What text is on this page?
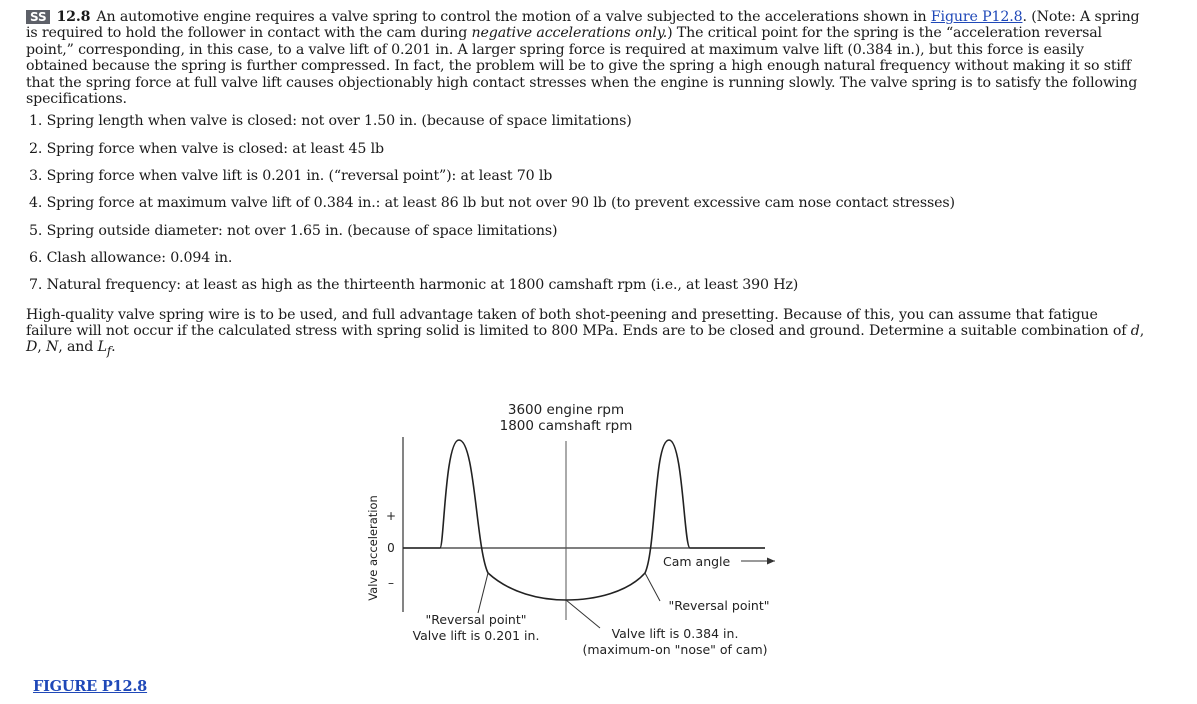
SS 12.8 An automotive engine requires a valve spring to control the motion of a valve subjected to the accelerations shown in Figure P12.8. (Note: A spring is required to hold the follower in contact with the cam during negative accelerations only.) The critical point for the spring is the “acceleration reversal point,” corresponding, in this case, to a valve lift of 0.201 in. A larger spring force is required at maximum valve lift (0.384 in.), but this force is easily obtained because the spring is further compressed. In fact, the problem will be to give the spring a high enough natural frequency without making it so stiff that the spring force at full valve lift causes objectionably high contact stresses when the engine is running slowly. The valve spring is to satisfy the following specifications.
1. Spring length when valve is closed: not over 1.50 in. (because of space limitations)
2. Spring force when valve is closed: at least 45 lb
3. Spring force when valve lift is 0.201 in. (“reversal point”): at least 70 lb
4. Spring force at maximum valve lift of 0.384 in.: at least 86 lb but not over 90 lb (to prevent excessive cam nose contact stresses)
5. Spring outside diameter: not over 1.65 in. (because of space limitations)
6. Clash allowance: 0.094 in.
7. Natural frequency: at least as high as the thirteenth harmonic at 1800 camshaft rpm (i.e., at least 390 Hz)
High-quality valve spring wire is to be used, and full advantage taken of both shot-peening and presetting. Because of this, you can assume that fatigue failure will not occur if the calculated stress with spring solid is limited to 800 MPa. Ends are to be closed and ground. Determine a suitable combination of d, D, N, and $L_f$.
3600 engine rpm
1800 camshaft rpm
Valve acceleration +
0
–
Cam angle
"Reversal point"
Valve lift is 0.201 in.
"Reversal point"
Valve lift is 0.384 in.
(maximum-on "nose" of cam)
FIGURE P12.8
